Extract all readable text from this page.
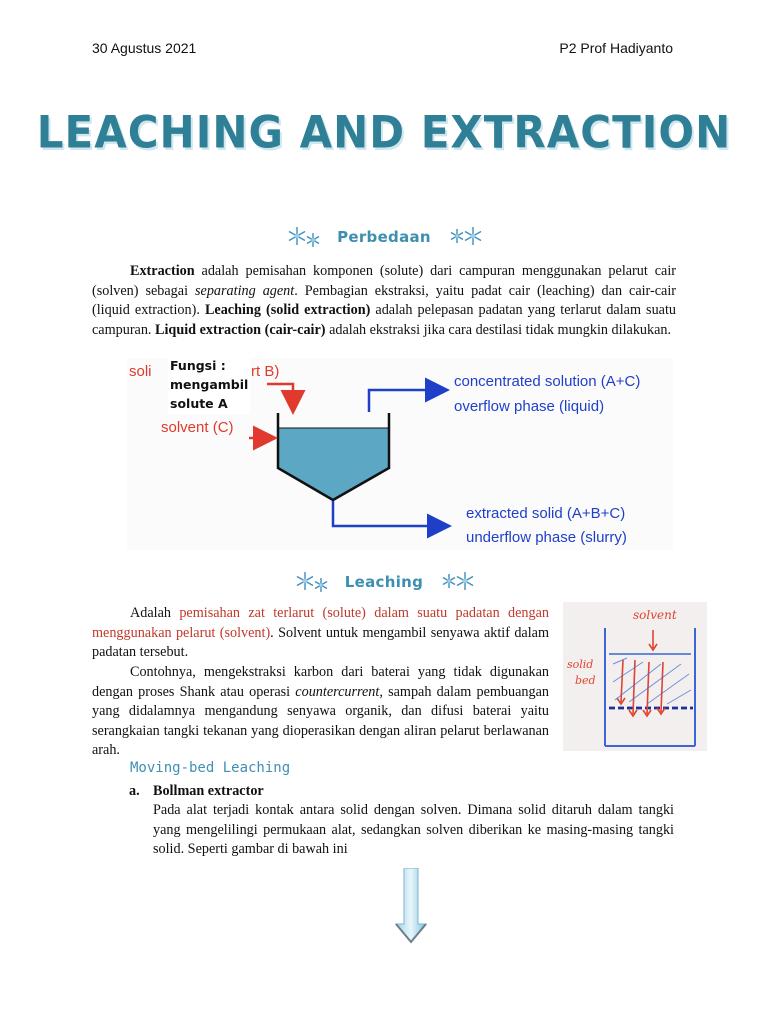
30 Agustus 2021	P2 Prof Hadiyanto
LEACHING AND EXTRACTION
Perbedaan
Extraction adalah pemisahan komponen (solute) dari campuran menggunakan pelarut cair (solven) sebagai separating agent. Pembagian ekstraksi, yaitu padat cair (leaching) dan cair-cair (liquid extraction). Leaching (solid extraction) adalah pelepasan padatan yang terlarut dalam suatu campuran. Liquid extraction (cair-cair) adalah ekstraksi jika cara destilasi tidak mungkin dilakukan.
soli	rt B)
solvent (C)
concentrated solution (A+C)
overflow phase (liquid)
extracted solid (A+B+C)
underflow phase (slurry)
Fungsi :
mengambil
solute A
Leaching
Adalah pemisahan zat terlarut (solute) dalam suatu padatan dengan menggunakan pelarut (solvent). Solvent untuk mengambil senyawa aktif dalam padatan tersebut.
Contohnya, mengekstraksi karbon dari baterai yang tidak digunakan dengan proses Shank atau operasi countercurrent, sampah dalam pembuangan yang didalamnya mengandung senyawa organik, dan difusi baterai yaitu serangkaian tangki tekanan yang dioperasikan dengan aliran pelarut berlawanan arah.
solvent
solid
bed
Moving-bed Leaching
a. Bollman extractor
Pada alat terjadi kontak antara solid dengan solven. Dimana solid ditaruh dalam tangki yang mengelilingi permukaan alat, sedangkan solven diberikan ke masing-masing tangki solid. Seperti gambar di bawah ini
